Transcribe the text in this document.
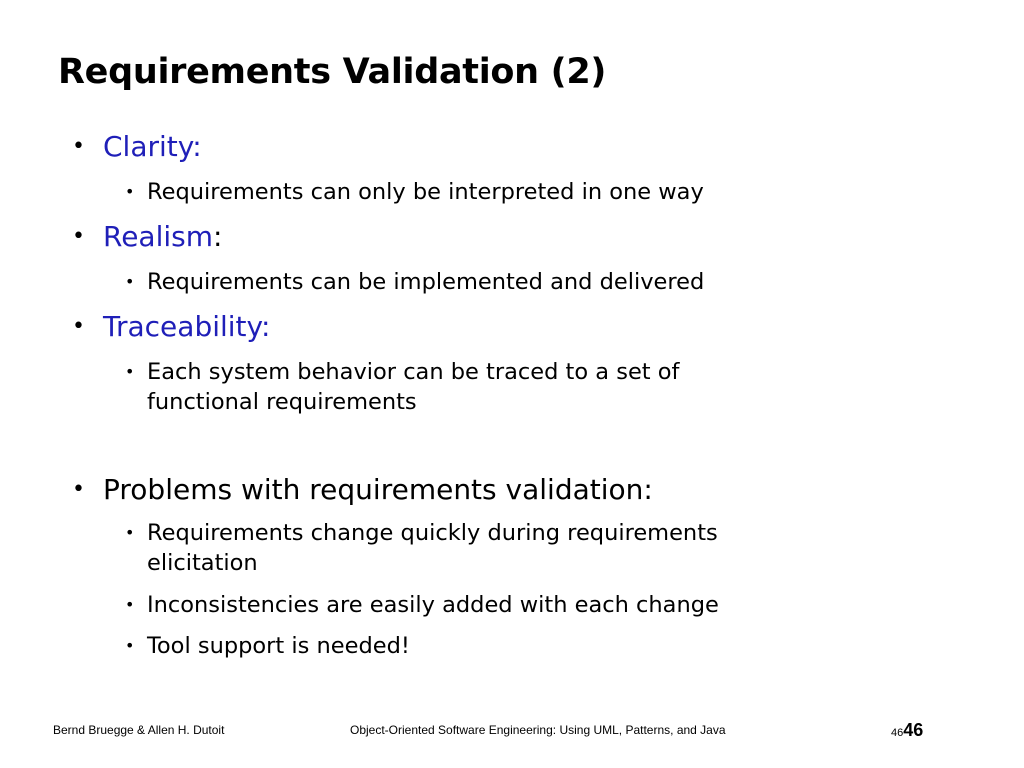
Requirements Validation (2)
• Clarity:
• Requirements can only be interpreted in one way
• Realism:
• Requirements can be implemented and delivered
• Traceability:
• Each system behavior can be traced to a set of
functional requirements
• Problems with requirements validation:
• Requirements change quickly during requirements
elicitation
• Inconsistencies are easily added with each change
• Tool support is needed!
Bernd Bruegge & Allen H. Dutoit	Object-Oriented Software Engineering: Using UML, Patterns, and Java	4646
